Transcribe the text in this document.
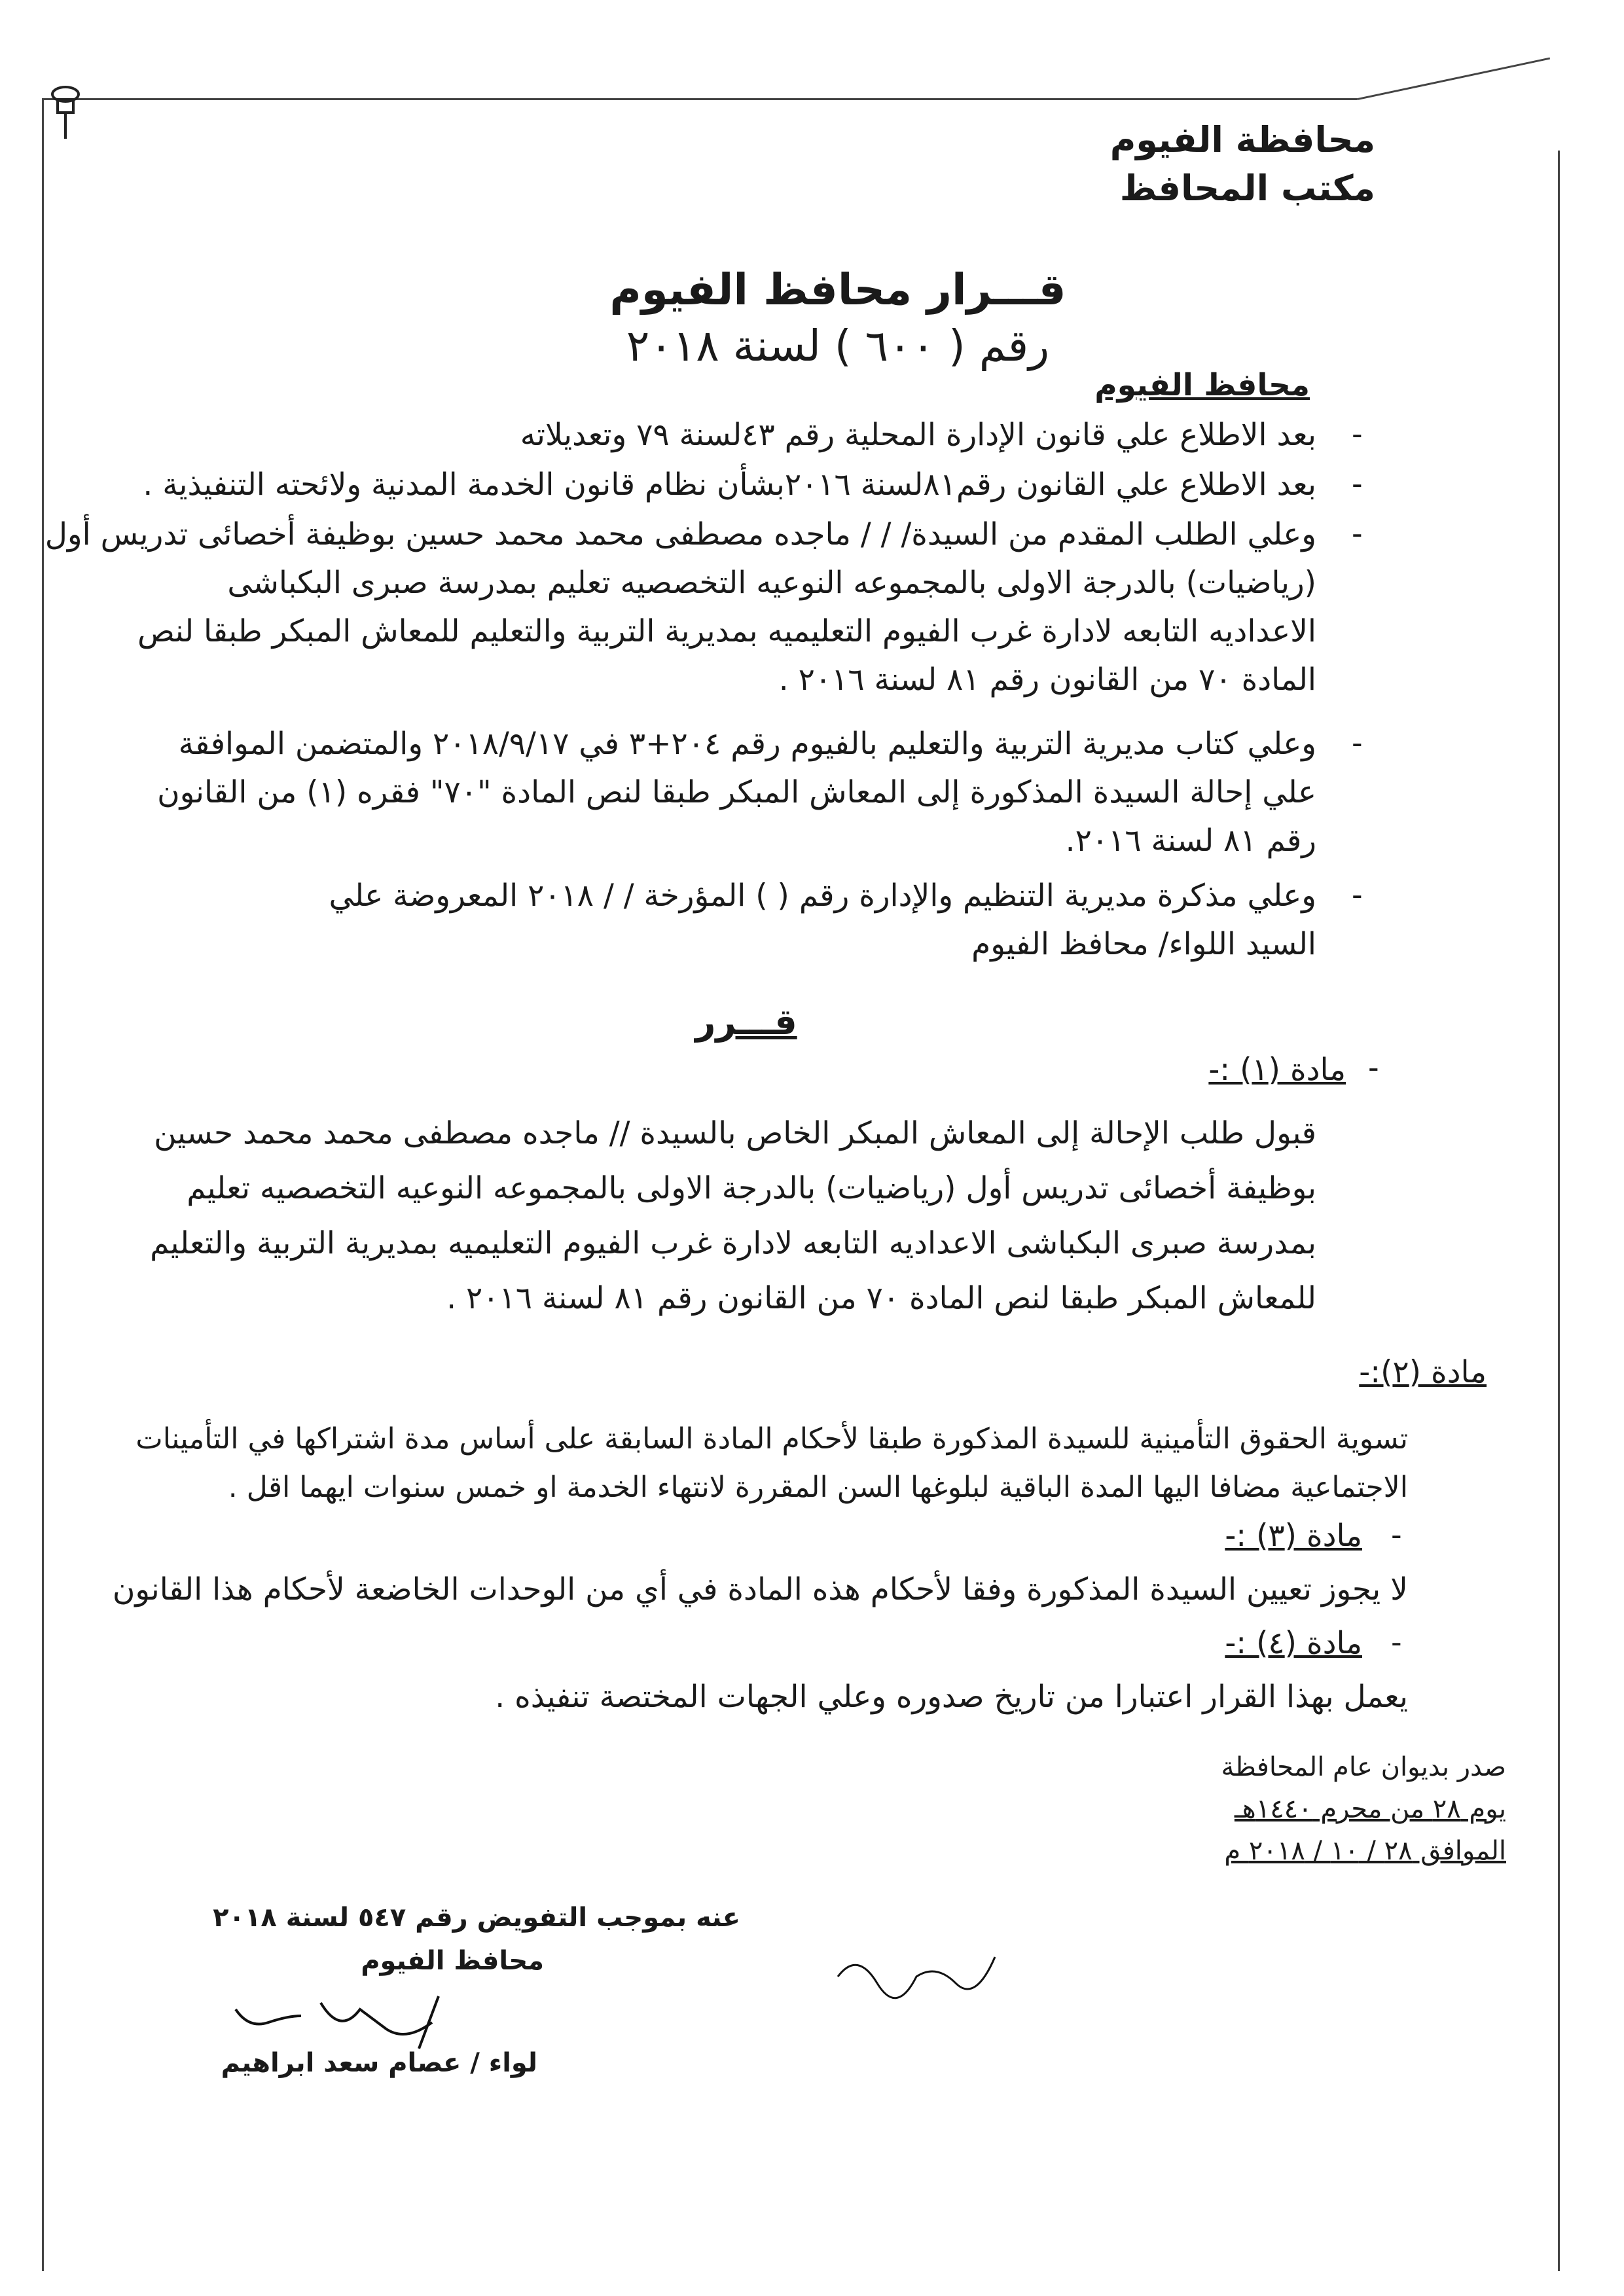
محافظة الفيوم
مكتب المحافظ
قـــرار محافظ الفيوم
رقم ( ٦٠٠ ) لسنة ٢٠١٨
محافظ الفيوم
-
بعد الاطلاع علي قانون الإدارة المحلية رقم ٤٣لسنة ٧٩ وتعديلاته
-
بعد الاطلاع علي القانون رقم٨١لسنة ٢٠١٦بشأن نظام قانون الخدمة المدنية ولائحته التنفيذية .
-
وعلي الطلب المقدم من السيدة/ / / ماجده مصطفى محمد محمد حسين بوظيفة أخصائى تدريس أول
(رياضيات) بالدرجة الاولى بالمجموعه النوعيه التخصصيه تعليم بمدرسة صبرى البكباشى
الاعداديه التابعه لادارة غرب الفيوم التعليميه بمديرية التربية والتعليم للمعاش المبكر طبقا لنص
المادة ٧٠ من القانون رقم ٨١ لسنة ٢٠١٦ .
-
وعلي كتاب مديرية التربية والتعليم بالفيوم رقم ٢٠٤+٣ في ٢٠١٨/٩/١٧ والمتضمن الموافقة
علي إحالة السيدة المذكورة إلى المعاش المبكر طبقا لنص المادة "٧٠" فقره (١) من القانون
رقم ٨١ لسنة ٢٠١٦.
-
وعلي مذكرة مديرية التنظيم والإدارة رقم ( ) المؤرخة / / ٢٠١٨ المعروضة علي
السيد اللواء/ محافظ الفيوم
قـــرر
-
مادة (١) :-
قبول طلب الإحالة إلى المعاش المبكر الخاص بالسيدة // ماجده مصطفى محمد محمد حسين
بوظيفة أخصائى تدريس أول (رياضيات) بالدرجة الاولى بالمجموعه النوعيه التخصصيه تعليم
بمدرسة صبرى البكباشى الاعداديه التابعه لادارة غرب الفيوم التعليميه بمديرية التربية والتعليم
للمعاش المبكر طبقا لنص المادة ٧٠ من القانون رقم ٨١ لسنة ٢٠١٦ .
مادة (٢):-
تسوية الحقوق التأمينية للسيدة المذكورة طبقا لأحكام المادة السابقة على أساس مدة اشتراكها في التأمينات
الاجتماعية مضافا اليها المدة الباقية لبلوغها السن المقررة لانتهاء الخدمة او خمس سنوات ايهما اقل .
-
مادة (٣) :-
لا يجوز تعيين السيدة المذكورة وفقا لأحكام هذه المادة في أي من الوحدات الخاضعة لأحكام هذا القانون
-
مادة (٤) :-
يعمل بهذا القرار اعتبارا من تاريخ صدوره وعلي الجهات المختصة تنفيذه .
صدر بديوان عام المحافظة
يوم ٢٨ من محرم ١٤٤٠هـ
الموافق ٢٨ / ١٠ / ٢٠١٨ م
عنه بموجب التفويض رقم ٥٤٧ لسنة ٢٠١٨
محافظ الفيوم
لواء / عصام سعد ابراهيم
